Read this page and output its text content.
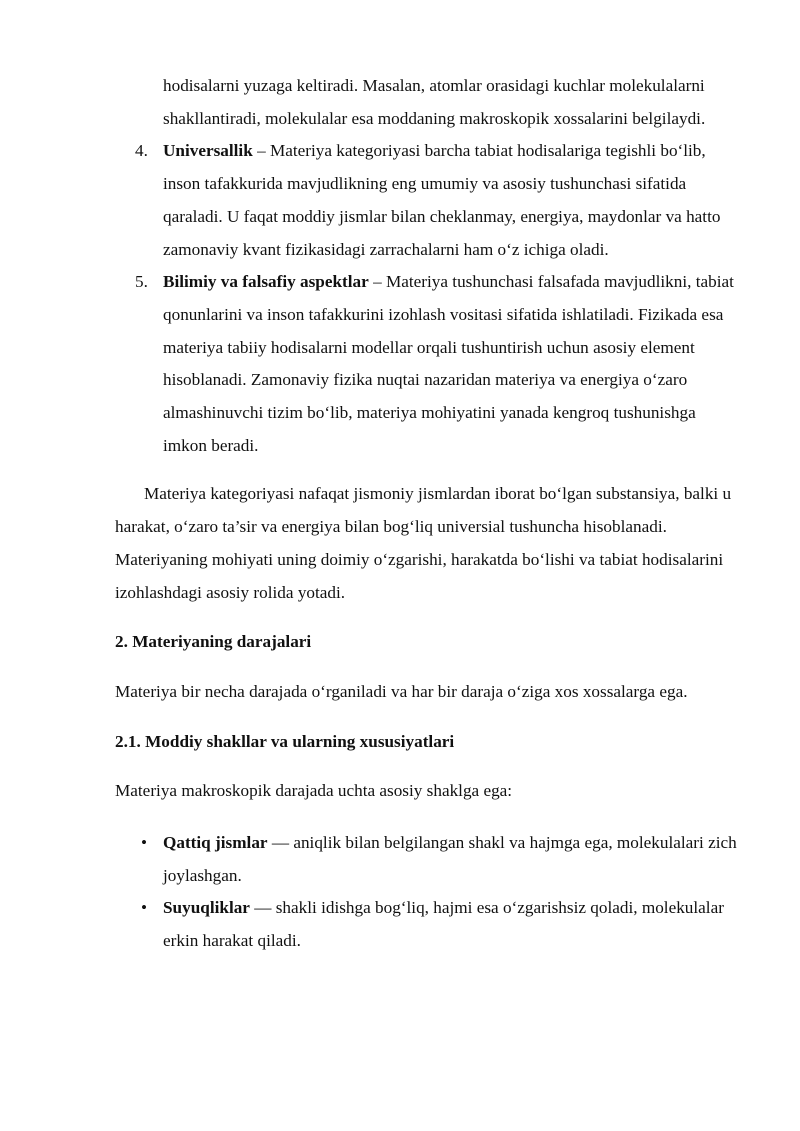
hodisalarni yuzaga keltiradi. Masalan, atomlar orasidagi kuchlar molekulalarni shakllantiradi, molekulalar esa moddaning makroskopik xossalarini belgilaydi.

4. Universallik – Materiya kategoriyasi barcha tabiat hodisalariga tegishli bo‘lib, inson tafakkurida mavjudlikning eng umumiy va asosiy tushunchasi sifatida qaraladi. U faqat moddiy jismlar bilan cheklanmay, energiya, maydonlar va hatto zamonaviy kvant fizikasidagi zarrachalarni ham o‘z ichiga oladi.
5. Bilimiy va falsafiy aspektlar – Materiya tushunchasi falsafada mavjudlikni, tabiat qonunlarini va inson tafakkurini izohlash vositasi sifatida ishlatiladi. Fizikada esa materiya tabiiy hodisalarni modellar orqali tushuntirish uchun asosiy element hisoblanadi. Zamonaviy fizika nuqtai nazaridan materiya va energiya o‘zaro almashinuvchi tizim bo‘lib, materiya mohiyatini yanada kengroq tushunishga imkon beradi.

Materiya kategoriyasi nafaqat jismoniy jismlardan iborat bo‘lgan substansiya, balki u harakat, o‘zaro ta’sir va energiya bilan bog‘liq universial tushuncha hisoblanadi. Materiyaning mohiyati uning doimiy o‘zgarishi, harakatda bo‘lishi va tabiat hodisalarini izohlashdagi asosiy rolida yotadi.

2. Materiyaning darajalari

Materiya bir necha darajada o‘rganiladi va har bir daraja o‘ziga xos xossalarga ega.

2.1. Moddiy shakllar va ularning xususiyatlari

Materiya makroskopik darajada uchta asosiy shaklga ega:

• Qattiq jismlar — aniqlik bilan belgilangan shakl va hajmga ega, molekulalari zich joylashgan.
• Suyuqliklar — shakli idishga bog‘liq, hajmi esa o‘zgarishsiz qoladi, molekulalar erkin harakat qiladi.
